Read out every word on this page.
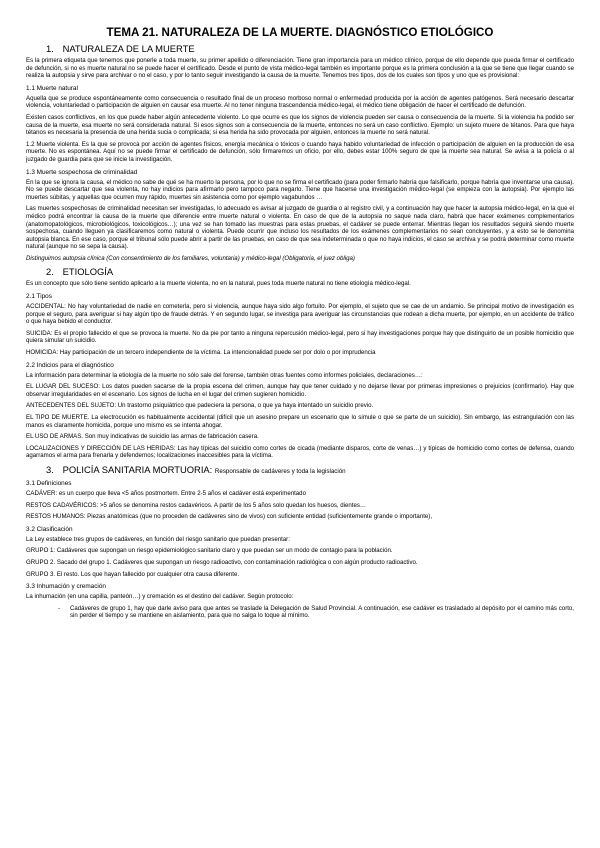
TEMA 21. NATURALEZA DE LA MUERTE. DIAGNÓSTICO ETIOLÓGICO
1. NATURALEZA DE LA MUERTE

Es la primera etiqueta que tenemos que ponerle a toda muerte, su primer apellido o diferenciación. Tiene gran importancia para un médico clínico, porque de ello depende que pueda firmar el certificado de defunción, si no es muerte natural no se puede hacer el certificado. Desde el punto de vista médico-legal también es importante porque es la primera conclusión a la que se tiene que llegar cuando se realiza la autopsia y sirve para archivar o no el caso, y por lo tanto seguir investigando la causa de la muerte. Tenemos tres tipos, dos de los cuales son tipos y uno que es provisional:

1.1 Muerte natural

Aquella que se produce espontáneamente como consecuencia o resultado final de un proceso morboso normal o enfermedad producida por la acción de agentes patógenos. Será necesario descartar violencia, voluntariedad o participación de alguien en causar esa muerte. Al no tener ninguna trascendencia médico-legal, el médico tiene obligación de hacer el certificado de defunción.

Existen casos conflictivos, en los que puede haber algún antecedente violento. Lo que ocurre es que los signos de violencia pueden ser causa o consecuencia de la muerte. Si la violencia ha podido ser causa de la muerte, esa muerte no será considerada natural. Si esos signos son a consecuencia de la muerte, entonces no será un caso conflictivo. Ejemplo: un sujeto muere de tétanos. Para que haya tétanos es necesaria la presencia de una herida sucia o complicada; si esa herida ha sido provocada por alguien, entonces la muerte no será natural.

1.2 Muerte violenta. Es la que se provoca por acción de agentes físicos, energía mecánica o tóxicos o cuando haya habido voluntariedad de infección o participación de alguien en la producción de esa muerte. No es espontánea. Aquí no se puede firmar el certificado de defunción, sólo firmaremos un oficio, por ello, debes estar 100% seguro de que la muerte sea natural. Se avisa a la policía o al juzgado de guardia para que se inicie la investigación.

1.3 Muerte sospechosa de criminalidad

En la que se ignora la causa, el médico no sabe de qué se ha muerto la persona, por lo que no se firma el certificado (para poder firmarlo habría que falsificarlo, porque habría que inventarse una causa). No se puede descartar que sea violenta, no hay indicios para afirmarlo pero tampoco para negarlo. Tiene que hacerse una investigación médico-legal (se empieza con la autopsia). Por ejemplo las muertes súbitas, y aquellas que ocurren muy rápido, muertes sin asistencia como por ejemplo vagabundos …

Las muertes sospechosas de criminalidad necesitan ser investigadas, lo adecuado es avisar al juzgado de guardia o al registro civil, y a continuación hay que hacer la autopsia médico-legal, en la que el médico podrá encontrar la causa de la muerte que diferencie entre muerte natural o violenta. En caso de que de la autopsia no saque nada claro, habrá que hacer exámenes complementarios (anatomopatológicos, microbiológicos, toxicológicos…); una vez se han tomado las muestras para estas pruebas, el cadáver se puede enterrar. Mientras llegan los resultados seguirá siendo muerte sospechosa, cuando lleguen ya clasificaremos como natural o violenta. Puede ocurrir que incluso los resultados de los exámenes complementarios no sean concluyentes, y a esto se le denomina autopsia blanca. En ese caso, porque el tribunal sólo puede abrir a partir de las pruebas, en caso de que sea indeterminada o que no haya indicios, el caso se archiva y se podrá determinar como muerte natural (aunque no se sepa la causa).

Distinguimos autopsia clínica (Con consentimiento de los familiares, voluntaria) y médico-legal (Obligatoria, el juez obliga)

2. ETIOLOGÍA

Es un concepto que sólo tiene sentido aplicarlo a la muerte violenta, no en la natural, pues toda muerte natural no tiene etiología médico-legal.

2.1 Tipos

ACCIDENTAL: No hay voluntariedad de nadie en cometerla, pero sí violencia, aunque haya sido algo fortuito. Por ejemplo, el sujeto que se cae de un andamio. Se principal motivo de investigación es porque el seguro, para averiguar si hay algún tipo de fraude detrás. Y en segundo lugar, se investiga para averiguar las circunstancias que rodean a dicha muerte, por ejemplo, en un accidente de tráfico o que haya bebido el conductor.

SUICIDA: Es el propio fallecido el que se provoca la muerte. No da pie por tanto a ninguna repercusión médico-legal, pero si hay investigaciones porque hay que distinguirlo de un posible homicidio que quiera simular un suicidio.

HOMICIDA: Hay participación de un tercero independiente de la víctima. La intencionalidad puede ser por dolo o por imprudencia

2.2 Indicios para el diagnóstico

La información para determinar la etiología de la muerte no sólo sale del forense, también otras fuentes como informes policiales, declaraciones…:

EL LUGAR DEL SUCESO: Los datos pueden sacarse de la propia escena del crimen, aunque hay que tener cuidado y no dejarse llevar por primeras impresiones o prejuicios (confirmarlo). Hay que observar irregularidades en el escenario. Los signos de lucha en el lugar del crimen sugieren homicidio.

ANTECEDENTES DEL SUJETO: Un trastorno psiquiátrico que padeciera la persona, o que ya haya intentado un suicidio previo.

EL TIPO DE MUERTE. La electrocución es habitualmente accidental (difícil que un asesino prepare un escenario que lo simule o que se parte de un suicidio). Sin embargo, las estrangulación con las manos es claramente homicida, porque uno mismo es se intenta ahogar.

EL USO DE ARMAS. Son muy indicativas de suicidio las armas de fabricación casera.

LOCALIZACIONES Y DIRECCIÓN DE LAS HERIDAS: Las hay típicas del suicidio como cortes de cicada (mediante disparos, corte de venas…) y típicas de homicidio como cortes de defensa, cuando agarramos el arma para frenarla y defendernos; localizaciones inaccesibles para la víctima.

3. POLICÍA SANITARIA MORTUORIA: Responsable de cadáveres y toda la legislación
3.1 Definiciones

CADÁVER: es un cuerpo que lleva <5 años postmortem. Entre 2-5 años el cadáver está experimentado

RESTOS CADAVÉRICOS: >5 años se denomina restos cadavéricos. A partir de los 5 años solo quedan los huesos, dientes…

RESTOS HUMANOS: Piezas anatómicas (que no proceden de cadáveres sino de vivos) con suficiente entidad (suficientemente grande o importante),

3.2 Clasificación

La Ley establece tres grupos de cadáveres, en función del riesgo sanitario que puedan presentar:

GRUPO 1: Cadáveres que supongan un riesgo epidemiológico sanitario claro y que puedan ser un modo de contagio para la población.

GRUPO 2. Sacado del grupo 1. Cadáveres que supongan un riesgo radioactivo, con contaminación radiológica o con algún producto radioactivo.

GRUPO 3. El resto. Los que hayan fallecido por cualquier otra causa diferente.

3.3 Inhumación y cremación

La inhumación (en una capilla, panteón…) y cremación es el destino del cadáver. Según protocolo:

-	Cadáveres de grupo 1, hay que darle aviso para que antes se traslade la Delegación de Salud Provincial. A continuación, ese cadáver es trasladado al depósito por el camino más corto, sin perder el tiempo y se mantiene en aislamiento, para que no salga lo toque al mínimo.
